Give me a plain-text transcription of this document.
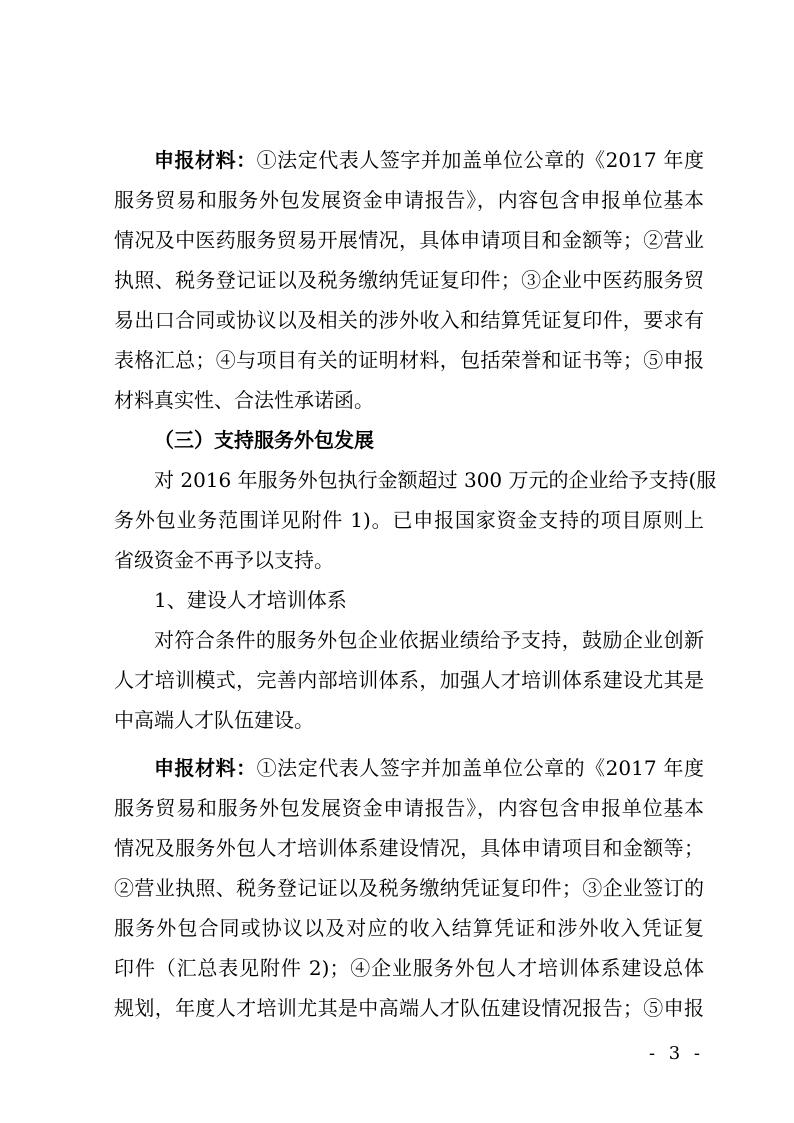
申报材料：①法定代表人签字并加盖单位公章的《2017 年度
服务贸易和服务外包发展资金申请报告》，内容包含申报单位基本
情况及中医药服务贸易开展情况，具体申请项目和金额等；②营业
执照、税务登记证以及税务缴纳凭证复印件；③企业中医药服务贸
易出口合同或协议以及相关的涉外收入和结算凭证复印件，要求有
表格汇总；④与项目有关的证明材料，包括荣誉和证书等；⑤申报
材料真实性、合法性承诺函。
（三）支持服务外包发展
对 2016 年服务外包执行金额超过 300 万元的企业给予支持(服
务外包业务范围详见附件 1)。已申报国家资金支持的项目原则上
省级资金不再予以支持。
1、建设人才培训体系
对符合条件的服务外包企业依据业绩给予支持，鼓励企业创新
人才培训模式，完善内部培训体系，加强人才培训体系建设尤其是
中高端人才队伍建设。
申报材料：①法定代表人签字并加盖单位公章的《2017 年度
服务贸易和服务外包发展资金申请报告》，内容包含申报单位基本
情况及服务外包人才培训体系建设情况，具体申请项目和金额等；
②营业执照、税务登记证以及税务缴纳凭证复印件；③企业签订的
服务外包合同或协议以及对应的收入结算凭证和涉外收入凭证复
印件（汇总表见附件 2)；④企业服务外包人才培训体系建设总体
规划，年度人才培训尤其是中高端人才队伍建设情况报告；⑤申报
- 3 -
